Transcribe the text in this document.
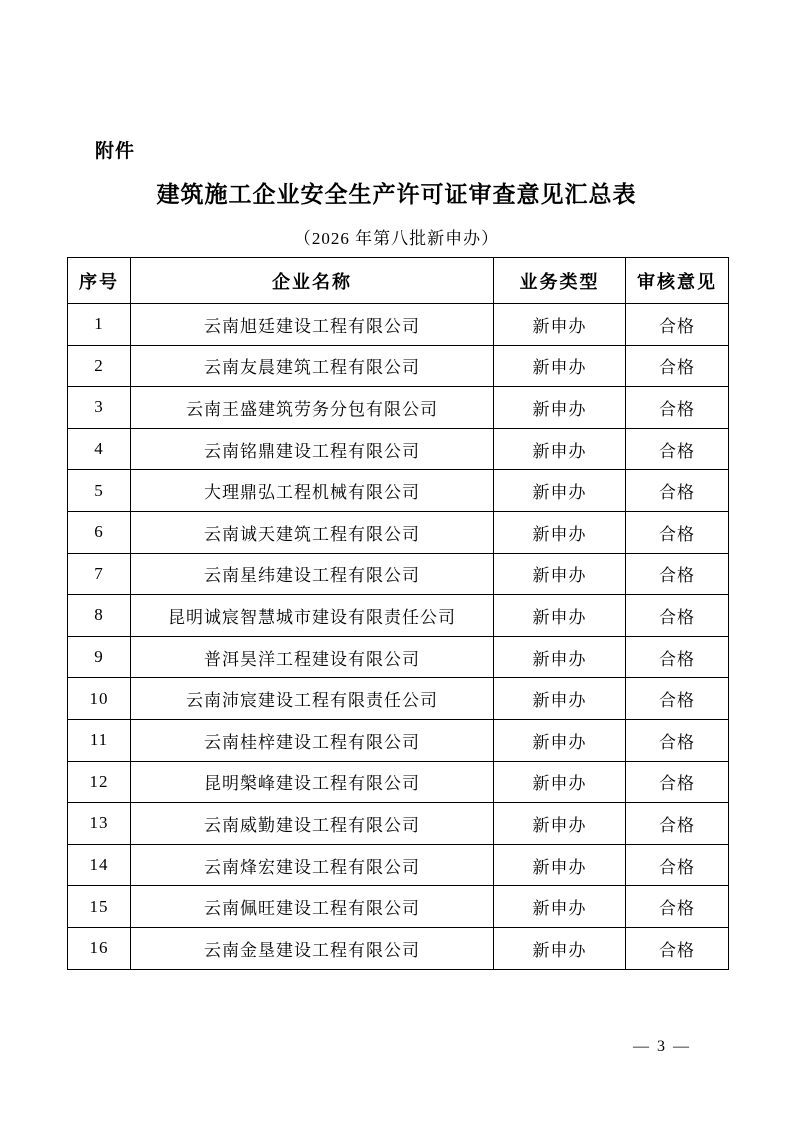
附件
建筑施工企业安全生产许可证审查意见汇总表
（2026 年第八批新申办）
序号	企业名称	业务类型	审核意见
1	云南旭廷建设工程有限公司	新申办	合格
2	云南友晨建筑工程有限公司	新申办	合格
3	云南王盛建筑劳务分包有限公司	新申办	合格
4	云南铭鼎建设工程有限公司	新申办	合格
5	大理鼎弘工程机械有限公司	新申办	合格
6	云南诚天建筑工程有限公司	新申办	合格
7	云南星纬建设工程有限公司	新申办	合格
8	昆明诚宸智慧城市建设有限责任公司	新申办	合格
9	普洱昊洋工程建设有限公司	新申办	合格
10	云南沛宸建设工程有限责任公司	新申办	合格
11	云南桂梓建设工程有限公司	新申办	合格
12	昆明槃峰建设工程有限公司	新申办	合格
13	云南威勤建设工程有限公司	新申办	合格
14	云南烽宏建设工程有限公司	新申办	合格
15	云南佩旺建设工程有限公司	新申办	合格
16	云南金垦建设工程有限公司	新申办	合格
— 3 —
